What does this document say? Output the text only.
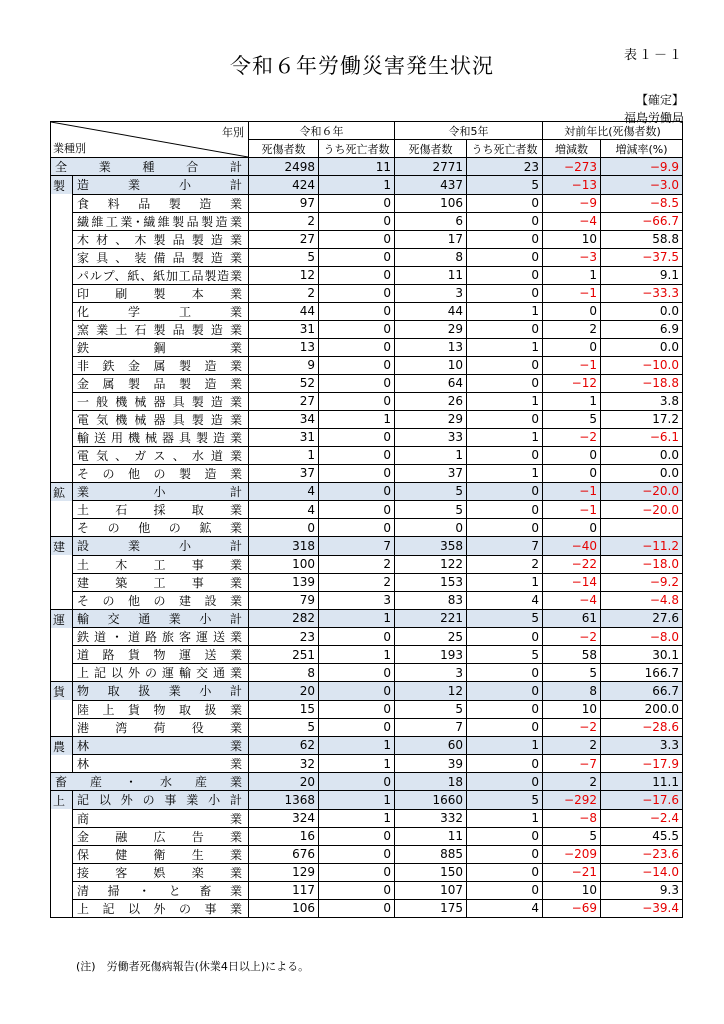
令和６年労働災害発生状況	表１－１
【確定】
福島労働局
年別
業種別		令和６年		令和5年		対前年比(死傷者数)	
		死傷者数	うち死亡者数	死傷者数	うち死亡者数	増減数	増減率(%)
全　業　種　合　計		2498	11	2771	23	−273	−9.9
製	造　業　小　計	424	1	437	5	−13	−3.0
	食　料　品　製　造　業	97	0	106	0	−9	−8.5
	繊維工業･繊維製品製造業	2	0	6	0	−4	−66.7
	木材、木製品製造業	27	0	17	0	10	58.8
	家具、装備品製造業	5	0	8	0	−3	−37.5
	パルプ、紙、紙加工品製造業	12	0	11	0	1	9.1
	印　刷　製　本　業	2	0	3	0	−1	−33.3
	化　学　工　業	44	0	44	1	0	0.0
	窯業土石製品製造業	31	0	29	0	2	6.9
	鉄　鋼　業	13	0	13	1	0	0.0
	非鉄金属製造業	9	0	10	0	−1	−10.0
	金属製品製造業	52	0	64	0	−12	−18.8
	一般機械器具製造業	27	0	26	1	1	3.8
	電気機械器具製造業	34	1	29	0	5	17.2
	輸送用機械器具製造業	31	0	33	1	−2	−6.1
	電気、ガス、水道業	1	0	1	0	0	0.0
	そ　の　他　の　製　造　業	37	0	37	1	0	0.0
鉱	業　小　計	4	0	5	0	−1	−20.0
	土　石　採　取　業	4	0	5	0	−1	−20.0
	そ　の　他　の　鉱　業	0	0	0	0	0	
建	設　業　小　計	318	7	358	7	−40	−11.2
	土　木　工　事　業	100	2	122	2	−22	−18.0
	建　築　工　事　業	139	2	153	1	−14	−9.2
	そ　の　他　の　建　設　業	79	3	83	4	−4	−4.8
運	輸交通業小計	282	1	221	5	61	27.6
	鉄道・道路旅客運送業	23	0	25	0	−2	−8.0
	道路貨物運送業	251	1	193	5	58	30.1
	上記以外の運輸交通業	8	0	3	0	5	166.7
貨	物取扱業小計	20	0	12	0	8	66.7
	陸上貨物取扱業	15	0	5	0	10	200.0
	港　湾　荷　役　業	5	0	7	0	−2	−28.6
農	林　業	62	1	60	1	2	3.3
	林　業	32	1	39	0	−7	−17.9
畜　産　・　水　産　業		20	0	18	0	2	11.1
上	記以外の事業小計	1368	1	1660	5	−292	−17.6
	商　業	324	1	332	1	−8	−2.4
	金　融　広　告　業	16	0	11	0	5	45.5
	保　健　衛　生　業	676	0	885	0	−209	−23.6
	接　客　娯　楽　業	129	0	150	0	−21	−14.0
	清　掃　・　と　畜　業	117	0	107	0	10	9.3
	上記以外の事業	106	0	175	4	−69	−39.4
(注)　労働者死傷病報告(休業4日以上)による。
